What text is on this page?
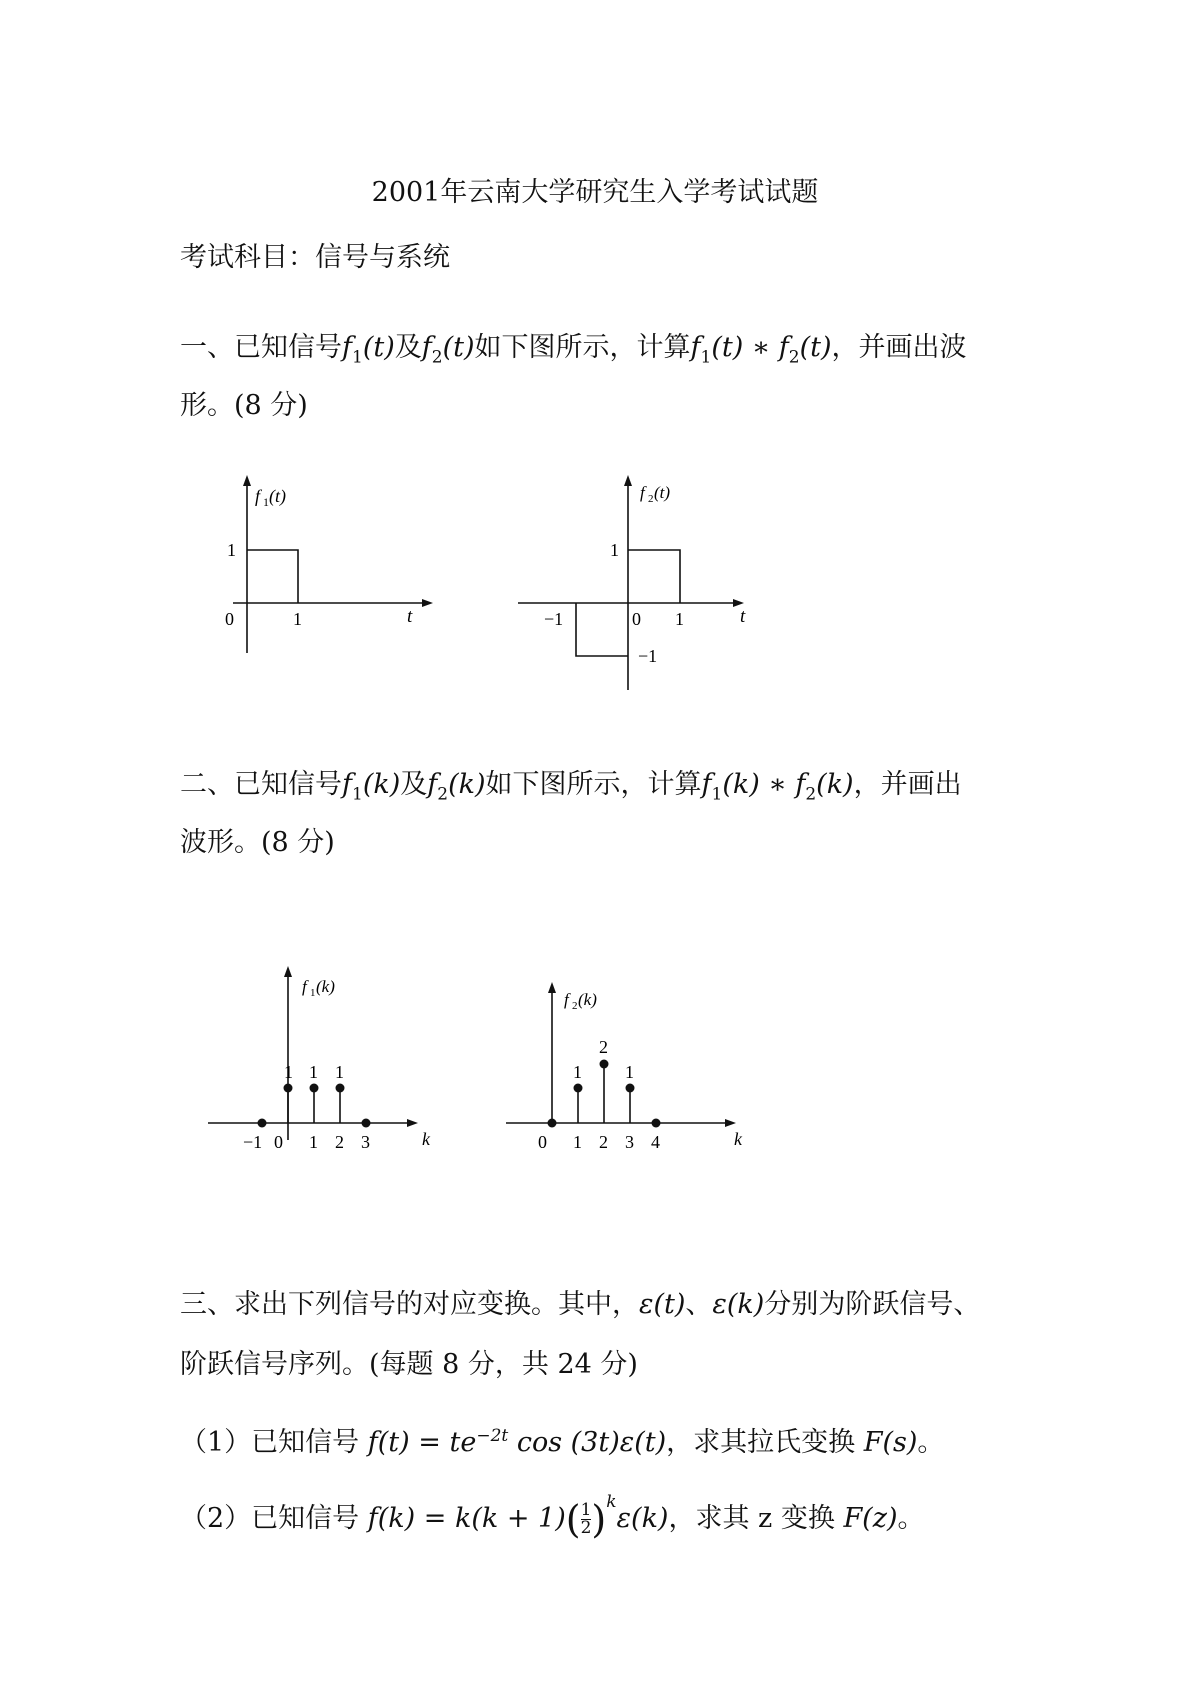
2001年云南大学研究生入学考试试题
考试科目：信号与系统
一、已知信号$f_1(t)$及$f_2(t)$如下图所示，计算$f_1(t)$ ∗ $f_2(t)$，并画出波
形。(8 分)
f 1 (t)
1
0	1	t
f 2 (t)
1
−1
−1	0 1	t
二、已知信号$f_1(k)$及$f_2(k)$如下图所示，计算$f_1(k)$ ∗ $f_2(k)$，并画出
波形。(8 分)
f 1 (k)
1 1 1
−1 0 1 2 3	k
f 2 (k)
1
2
1
0 1 2 3 4	k
三、求出下列信号的对应变换。其中，ε(t)、ε(k)分别为阶跃信号、
阶跃信号序列。(每题 8 分，共 24 分)
（1）已知信号 $f(t) = te^{-2t}$ cos (3t)ε(t)，求其拉氏变换 F(s)。
（2）已知信号 $f(k) = k(k + 1)( \frac{1}{2} )^k\varepsilon(k)$，求其 z 变换 F(z)。
